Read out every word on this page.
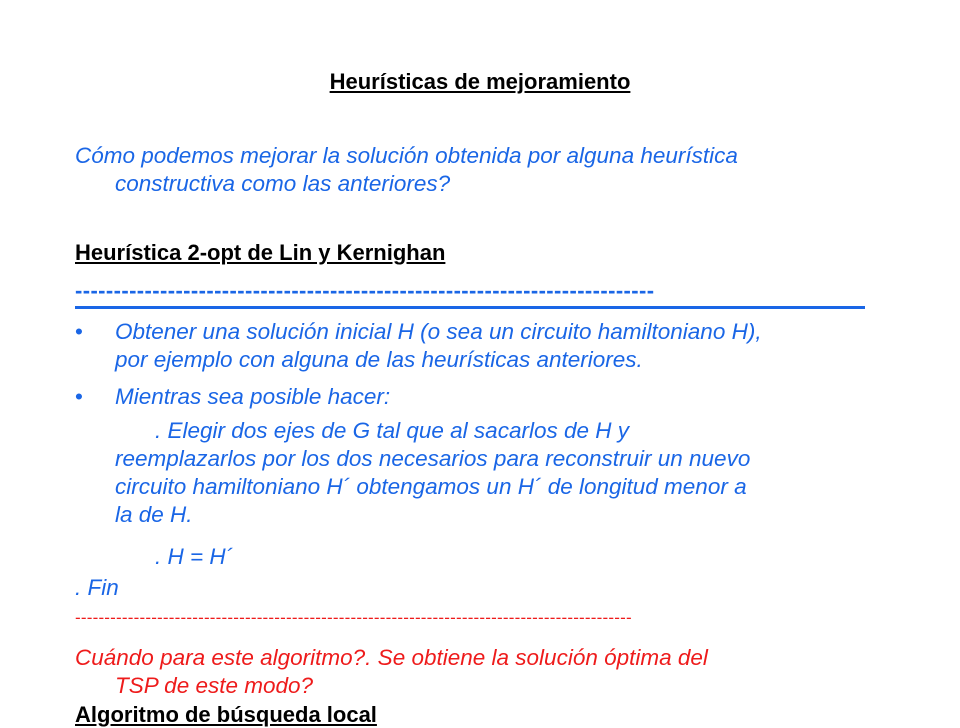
Heurísticas de mejoramiento
Cómo podemos mejorar la solución obtenida por alguna heurística
constructiva como las anteriores?
Heurística 2-opt de Lin y Kernighan
---------------------------------------------------------------------------
• Obtener una solución inicial H (o sea un circuito hamiltoniano H),
por ejemplo con alguna de las heurísticas anteriores.
• Mientras sea posible hacer:
. Elegir dos ejes de G tal que al sacarlos de H y
reemplazarlos por los dos necesarios para reconstruir un nuevo
circuito hamiltoniano H´ obtengamos un H´ de longitud menor a
la de H.
. H = H´
. Fin
-----------------------------------------------------------------------------------------------
Cuándo para este algoritmo?. Se obtiene la solución óptima del
TSP de este modo?
Algoritmo de búsqueda local
